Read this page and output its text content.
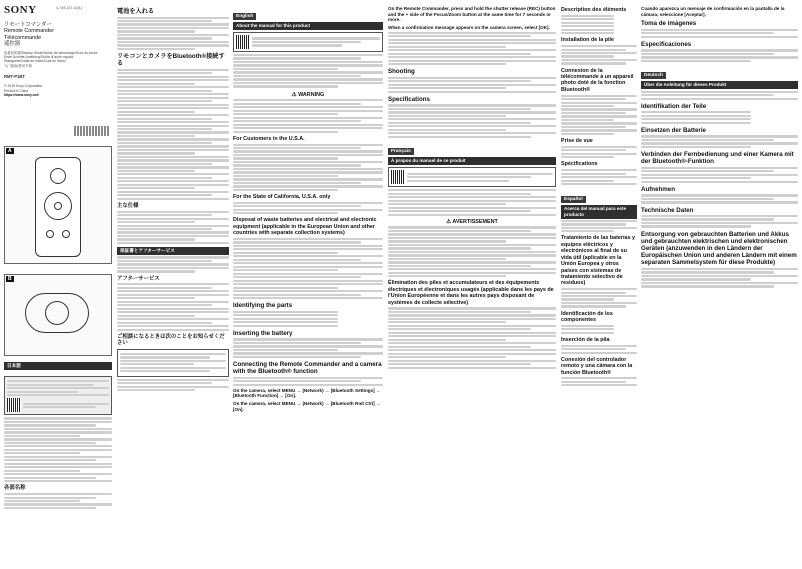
SONY	4-749-137-02(1)
リモートコマンダー
Remote Commander
Télécommande
遥控器
取扱説明書/Startup Guide/Guide de démarrage/Guía de inicio/
Erste-Schritte-Anleitung/Guida di avvio rapido/
Startguide/Guida de início/Guía de inicio/
入门指南/使用手冊
RMT-P1BT
© 2019 Sony Corporation
Printed in China
https://www.sony.net/
A
B
日本語
各部名称
電池を入れる
リモコンとカメラをBluetooth®接続する
主な仕様
保証書とアフターサービス
アフターサービス
ご相談になるときは次のことをお知らせください
English
About the manual for this product
⚠ WARNING
For Customers in the U.S.A.
For the State of California, U.S.A. only
Disposal of waste batteries and electrical and electronic equipment (applicable in the European Union and other countries with separate collection systems)
Identifying the parts
Inserting the battery
Connecting the Remote Commander and a camera with the Bluetooth® function
On the camera, select MENU → (Network) → [Bluetooth Settings] → [Bluetooth Function] → [On].
On the camera, select MENU → (Network) → [Bluetooth Rmt Ctrl] → [On].
On the Remote Commander, press and hold the shutter release (REC) button and the + side of the Focus/Zoom button at the same time for 7 seconds or more.
When a confirmation message appears on the camera screen, select [OK].
Shooting
Specifications
Français
À propos du manuel de ce produit
⚠ AVERTISSEMENT
Élimination des piles et accumulateurs et des équipements électriques et électroniques usagés (applicable dans les pays de l'Union Européenne et dans les autres pays disposant de systèmes de collecte sélective)
Description des éléments
Installation de la pile
Connexion de la télécommande à un appareil photo doté de la fonction Bluetooth®
Prise de vue
Spécifications
Español
Acerca del manual para este producto
Tratamiento de las baterías y equipos eléctricos y electrónicos al final de su vida útil (aplicable en la Unión Europea y otros países con sistemas de tratamiento selectivo de residuos)
Identificación de los componentes
Inserción de la pila
Conexión del controlador remoto y una cámara con la función Bluetooth®
Cuando aparezca un mensaje de confirmación en la pantalla de la cámara, seleccione [Aceptar].
Toma de imágenes
Especificaciones
Deutsch
Über die Anleitung für dieses Produkt
Identifikation der Teile
Einsetzen der Batterie
Verbinden der Fernbedienung und einer Kamera mit der Bluetooth®-Funktion
Aufnehmen
Technische Daten
Entsorgung von gebrauchten Batterien und Akkus und gebrauchten elektrischen und elektronischen Geräten (anzuwenden in den Ländern der Europäischen Union und anderen Ländern mit einem separaten Sammelsystem für diese Produkte)
